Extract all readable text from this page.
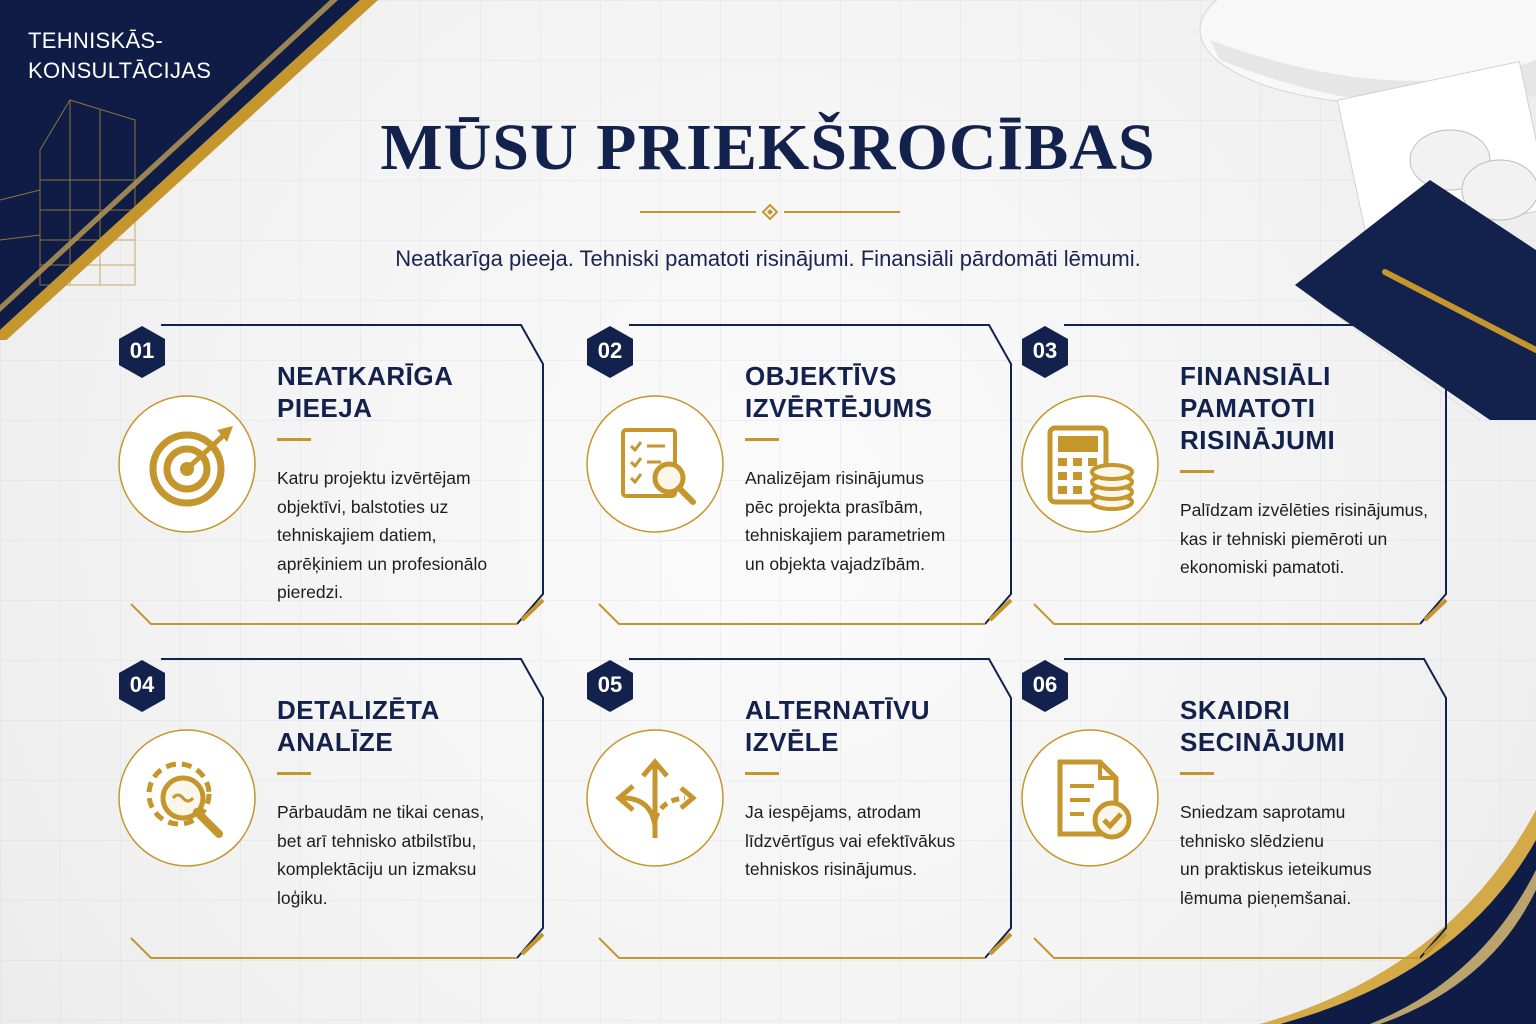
TEHNISKĀS-
KONSULTĀCIJAS
MŪSU PRIEKŠROCĪBAS
Neatkarīga pieeja. Tehniski pamatoti risinājumi. Finansiāli pārdomāti lēmumi.
01
NEATKARĪGA
PIEEJA
Katru projektu izvērtējam
objektīvi, balstoties uz
tehniskajiem datiem,
aprēķiniem un profesionālo
pieredzi.
02
OBJEKTĪVS
IZVĒRTĒJUMS
Analizējam risinājumus
pēc projekta prasībām,
tehniskajiem parametriem
un objekta vajadzībām.
03
FINANSIĀLI
PAMATOTI
RISINĀJUMI
Palīdzam izvēlēties risinājumus,
kas ir tehniski piemēroti un
ekonomiski pamatoti.
04
DETALIZĒTA
ANALĪZE
Pārbaudām ne tikai cenas,
bet arī tehnisko atbilstību,
komplektāciju un izmaksu
loģiku.
05
ALTERNATĪVU
IZVĒLE
Ja iespējams, atrodam
līdzvērtīgus vai efektīvākus
tehniskos risinājumus.
06
SKAIDRI
SECINĀJUMI
Sniedzam saprotamu
tehnisko slēdzienu
un praktiskus ieteikumus
lēmuma pieņemšanai.
